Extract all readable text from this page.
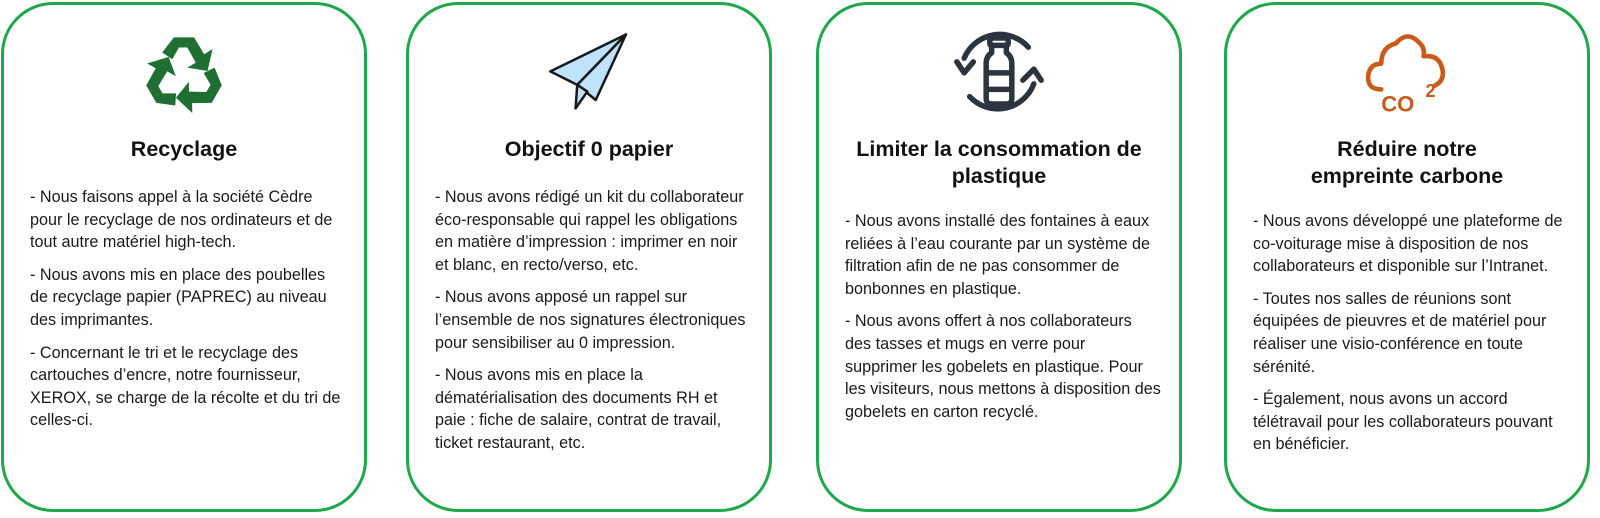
Recyclage

- Nous faisons appel à la société Cèdre pour le recyclage de nos ordinateurs et de tout autre matériel high-tech.

- Nous avons mis en place des poubelles de recyclage papier (PAPREC) au niveau des imprimantes.

- Concernant le tri et le recyclage des cartouches d’encre, notre fournisseur, XEROX, se charge de la récolte et du tri de celles-ci.

Objectif 0 papier

- Nous avons rédigé un kit du collaborateur éco-responsable qui rappel les obligations en matière d’impression : imprimer en noir et blanc, en recto/verso, etc.

- Nous avons apposé un rappel sur l’ensemble de nos signatures électroniques pour sensibiliser au 0 impression.

- Nous avons mis en place la dématérialisation des documents RH et paie : fiche de salaire, contrat de travail, ticket restaurant, etc.

Limiter la consommation de plastique

- Nous avons installé des fontaines à eaux reliées à l’eau courante par un système de filtration afin de ne pas consommer de bonbonnes en plastique.

- Nous avons offert à nos collaborateurs des tasses et mugs en verre pour supprimer les gobelets en plastique. Pour les visiteurs, nous mettons à disposition des gobelets en carton recyclé.

CO
2
Réduire notre empreinte carbone

- Nous avons développé une plateforme de co-voiturage mise à disposition de nos collaborateurs et disponible sur l’Intranet.

- Toutes nos salles de réunions sont équipées de pieuvres et de matériel pour réaliser une visio-conférence en toute sérénité.

- Également, nous avons un accord télétravail pour les collaborateurs pouvant en bénéficier.
